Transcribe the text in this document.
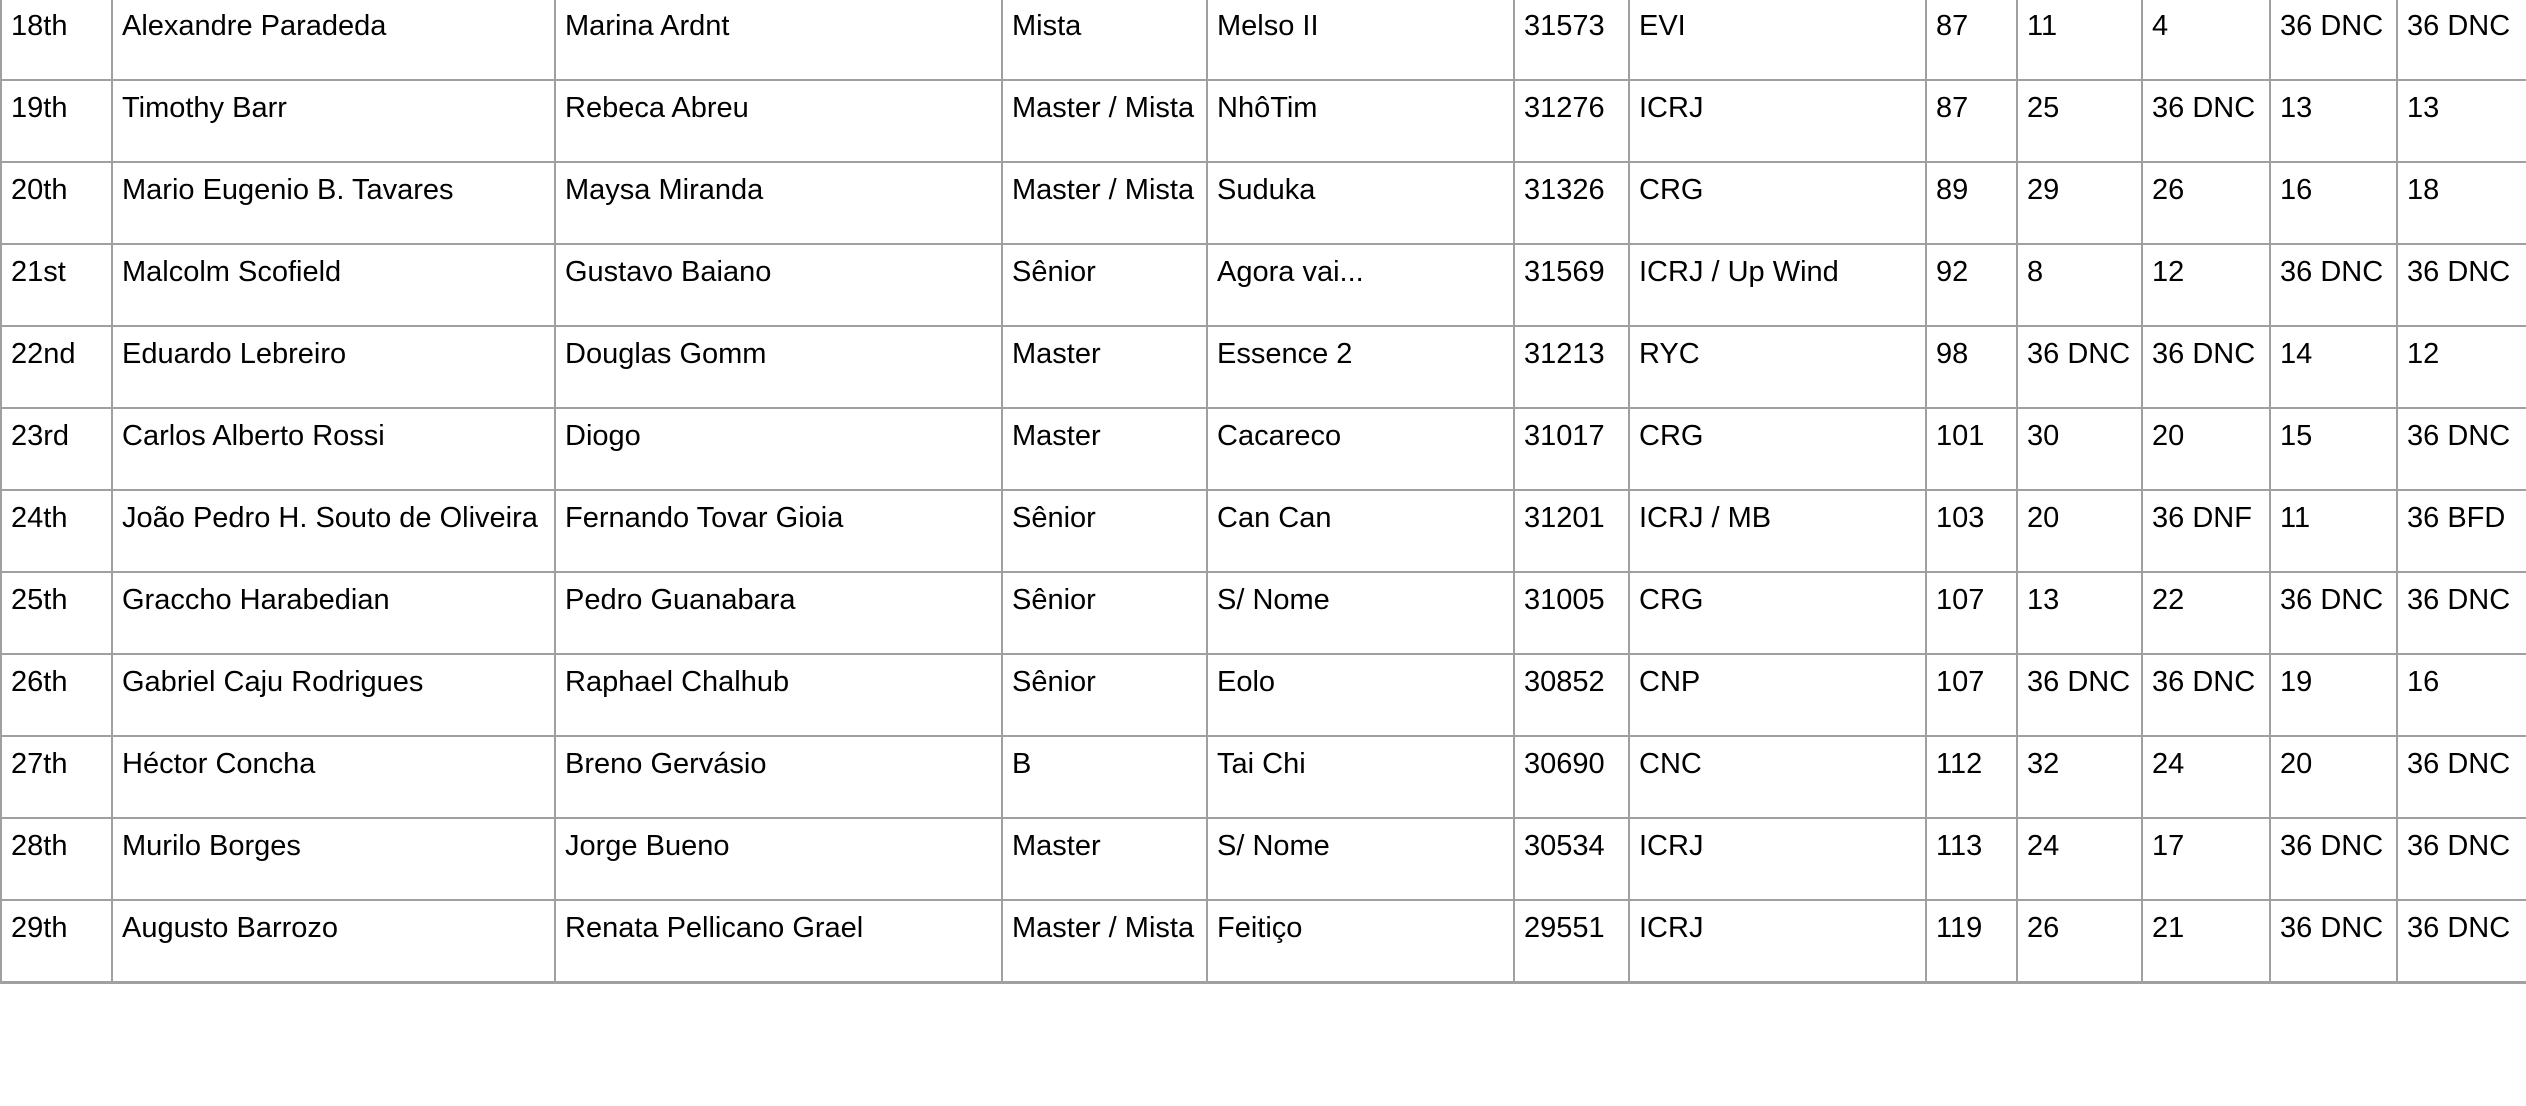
18th	Alexandre Paradeda	Marina Ardnt	Mista	Melso II	31573	EVI	87	11	4	36 DNC	36 DNC
19th	Timothy Barr	Rebeca Abreu	Master / Mista	NhôTim	31276	ICRJ	87	25	36 DNC	13	13
20th	Mario Eugenio B. Tavares	Maysa Miranda	Master / Mista	Suduka	31326	CRG	89	29	26	16	18
21st	Malcolm Scofield	Gustavo Baiano	Sênior	Agora vai...	31569	ICRJ / Up Wind	92	8	12	36 DNC	36 DNC
22nd	Eduardo Lebreiro	Douglas Gomm	Master	Essence 2	31213	RYC	98	36 DNC	36 DNC	14	12
23rd	Carlos Alberto Rossi	Diogo	Master	Cacareco	31017	CRG	101	30	20	15	36 DNC
24th	João Pedro H. Souto de Oliveira	Fernando Tovar Gioia	Sênior	Can Can	31201	ICRJ / MB	103	20	36 DNF	11	36 BFD
25th	Graccho Harabedian	Pedro Guanabara	Sênior	S/ Nome	31005	CRG	107	13	22	36 DNC	36 DNC
26th	Gabriel Caju Rodrigues	Raphael Chalhub	Sênior	Eolo	30852	CNP	107	36 DNC	36 DNC	19	16
27th	Héctor Concha	Breno Gervásio	B	Tai Chi	30690	CNC	112	32	24	20	36 DNC
28th	Murilo Borges	Jorge Bueno	Master	S/ Nome	30534	ICRJ	113	24	17	36 DNC	36 DNC
29th	Augusto Barrozo	Renata Pellicano Grael	Master / Mista	Feitiço	29551	ICRJ	119	26	21	36 DNC	36 DNC
